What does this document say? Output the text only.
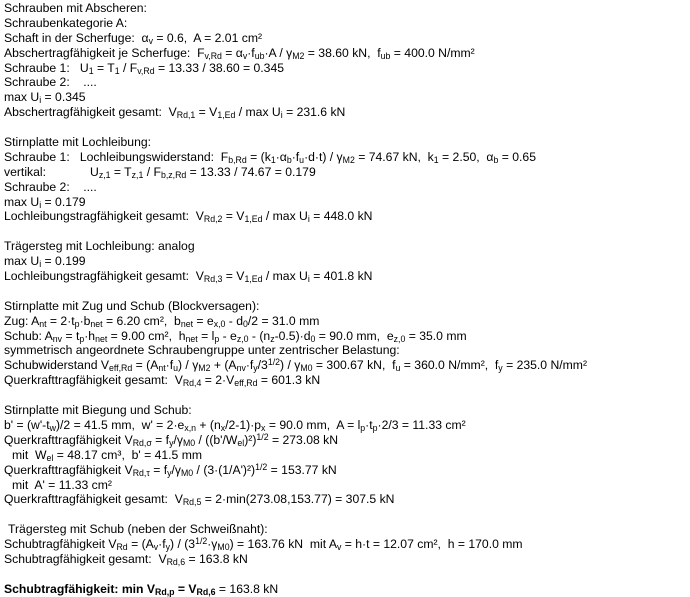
Schrauben mit Abscheren:
Schraubenkategorie A:
Schaft in der Scherfuge:  $\alpha_v = 0.6$,  A = 2.01 cm²
Abschertragfähigkeit je Scherfuge:  $F_{v,Rd} = \alpha_v\cdot f_{ub}\cdot A / \gamma_{M2} = 38.60$ kN,  $f_{ub} = 400.0$ N/mm²
Schraube 1:   $U_1 = T_1 / F_{v,Rd} = 13.33 / 38.60 = 0.345$
Schraube 2:    ....
$\max U_i = 0.345$
Abschertragfähigkeit gesamt:  $V_{Rd,1} = V_{1,Ed} / \max U_i = 231.6$ kN
Stirnplatte mit Lochleibung:
Schraube 1:   Lochleibungswiderstand:  $F_{b,Rd} = (k_1\cdot\alpha_b\cdot f_u\cdot d\cdot t) / \gamma_{M2} = 74.67$ kN,  $k_1 = 2.50$,  $\alpha_b = 0.65$
vertikal:             $U_{z,1} = T_{z,1} / F_{b,z,Rd} = 13.33 / 74.67 = 0.179$
Schraube 2:    ....
$\max U_i = 0.179$
Lochleibungstragfähigkeit gesamt:  $V_{Rd,2} = V_{1,Ed} / \max U_i = 448.0$ kN
Trägersteg mit Lochleibung: analog
$\max U_i = 0.199$
Lochleibungstragfähigkeit gesamt:  $V_{Rd,3} = V_{1,Ed} / \max U_i = 401.8$ kN
Stirnplatte mit Zug und Schub (Blockversagen):
Zug: $A_{nt} = 2\cdot t_p\cdot b_{net} = 6.20$ cm²,  $b_{net} = e_{x,0} - d_0/2 = 31.0$ mm
Schub: $A_{nv} = t_p\cdot h_{net} = 9.00$ cm²,  $h_{net} = l_p - e_{z,0} - (n_z-0.5)\cdot d_0 = 90.0$ mm,  $e_{z,0} = 35.0$ mm
symmetrisch angeordnete Schraubengruppe unter zentrischer Belastung:
Schubwiderstand $V_{eff,Rd} = (A_{nt}\cdot f_u) / \gamma_{M2} + (A_{nv}\cdot f_y/3^{1/2}) / \gamma_{M0} = 300.67$ kN,  $f_u = 360.0$ N/mm²,  $f_y = 235.0$ N/mm²
Querkrafttragfähigkeit gesamt:  $V_{Rd,4} = 2\cdot V_{eff,Rd} = 601.3$ kN
Stirnplatte mit Biegung und Schub:
$b' = (w'-t_w)/2 = 41.5$ mm,  $w' = 2\cdot e_{x,n} + (n_x/2-1)\cdot p_x = 90.0$ mm,  $A = l_p\cdot t_p\cdot 2/3 = 11.33$ cm²
Querkrafttragfähigkeit $V_{Rd,\sigma} = f_y/\gamma_{M0} / ((b'/W_{el})^2)^{1/2} = 273.08$ kN
mit  $W_{el} = 48.17$ cm³,  b' = 41.5 mm
Querkrafttragfähigkeit $V_{Rd,\tau} = f_y/\gamma_{M0} / (3\cdot(1/A')^2)^{1/2} = 153.77$ kN
mit  A' = 11.33 cm²
Querkrafttragfähigkeit gesamt:  $V_{Rd,5} = 2\cdot\min(273.08,153.77) = 307.5$ kN
Trägersteg mit Schub (neben der Schweißnaht):
Schubtragfähigkeit $V_{Rd} = (A_v\cdot f_y) / (3^{1/2}\cdot\gamma_{M0}) = 163.76$ kN  mit $A_v = h\cdot t = 12.07$ cm²,  h = 170.0 mm
Schubtragfähigkeit gesamt:  $V_{Rd,6} = 163.8$ kN
Schubtragfähigkeit: $\min V_{Rd,p} = V_{Rd,6} = 163.8$ kN
